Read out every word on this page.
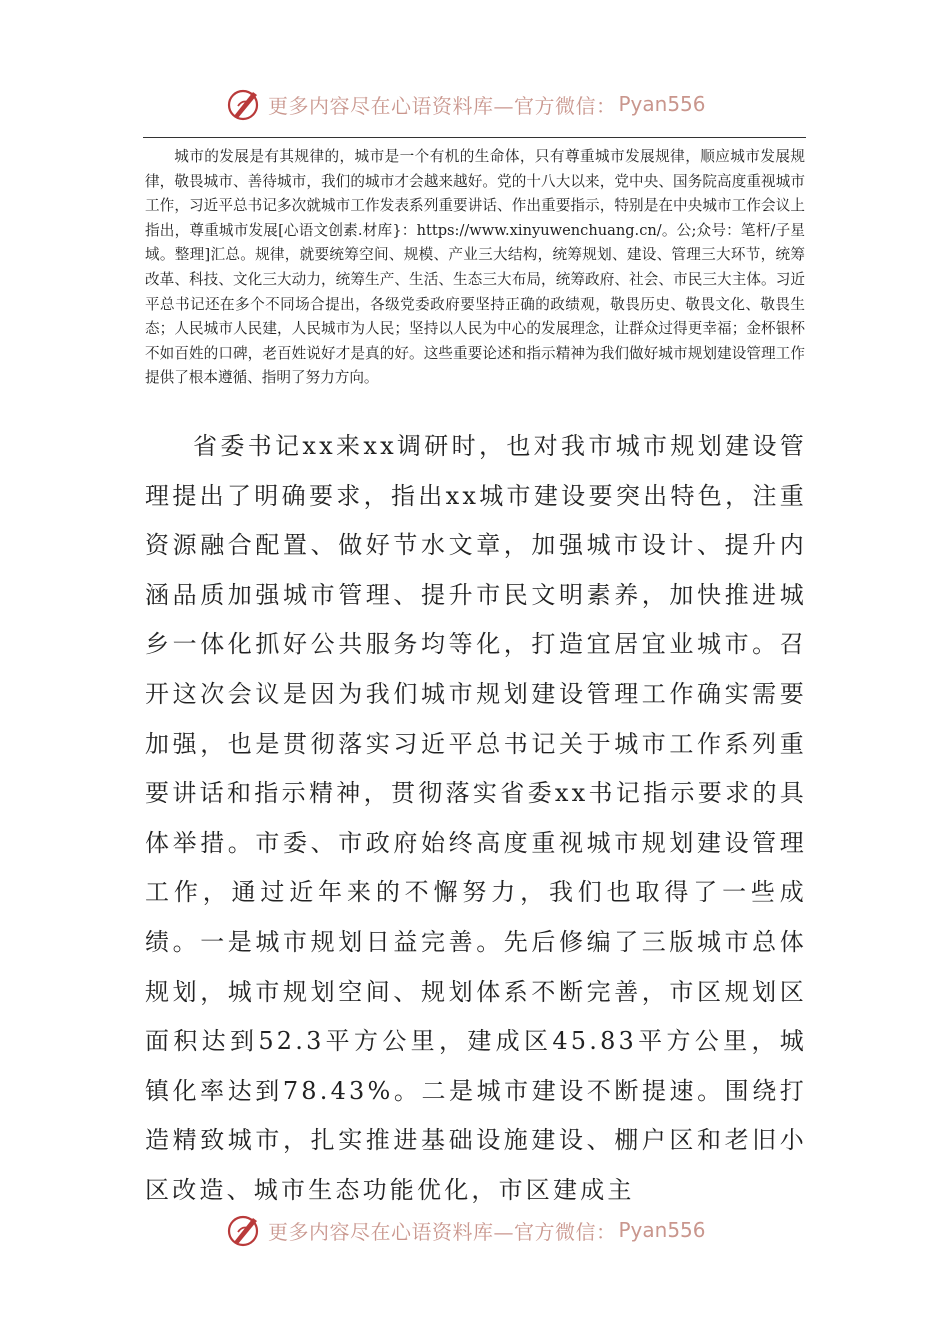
更多内容尽在心语资料库—官方微信： Pyan556

城市的发展是有其规律的，城市是一个有机的生命体，只有尊重城市发展规律，顺应城市发展规律，敬畏城市、善待城市，我们的城市才会越来越好。党的十八大以来，党中央、国务院高度重视城市工作，习近平总书记多次就城市工作发表系列重要讲话、作出重要指示，特别是在中央城市工作会议上指出，尊重城市发展[心语文创素.材库}：https://www.xinyuwenchuang.cn/。公;众号：笔杆/子星域。整理]汇总。规律，就要统筹空间、规模、产业三大结构，统筹规划、建设、管理三大环节，统筹改革、科技、文化三大动力，统筹生产、生活、生态三大布局，统筹政府、社会、市民三大主体。习近平总书记还在多个不同场合提出，各级党委政府要坚持正确的政绩观，敬畏历史、敬畏文化、敬畏生态；人民城市人民建，人民城市为人民；坚持以人民为中心的发展理念，让群众过得更幸福；金杯银杯不如百姓的口碑，老百姓说好才是真的好。这些重要论述和指示精神为我们做好城市规划建设管理工作提供了根本遵循、指明了努力方向。

省委书记xx来xx调研时，也对我市城市规划建设管理提出了明确要求，指出xx城市建设要突出特色，注重资源融合配置、做好节水文章，加强城市设计、提升内涵品质加强城市管理、提升市民文明素养，加快推进城乡一体化抓好公共服务均等化，打造宜居宜业城市。召开这次会议是因为我们城市规划建设管理工作确实需要加强，也是贯彻落实习近平总书记关于城市工作系列重要讲话和指示精神，贯彻落实省委xx书记指示要求的具体举措。市委、市政府始终高度重视城市规划建设管理工作，通过近年来的不懈努力，我们也取得了一些成绩。一是城市规划日益完善。先后修编了三版城市总体规划，城市规划空间、规划体系不断完善，市区规划区面积达到52.3平方公里，建成区45.83平方公里，城镇化率达到78.43%。二是城市建设不断提速。围绕打造精致城市，扎实推进基础设施建设、棚户区和老旧小区改造、城市生态功能优化，市区建成主

更多内容尽在心语资料库—官方微信： Pyan556
